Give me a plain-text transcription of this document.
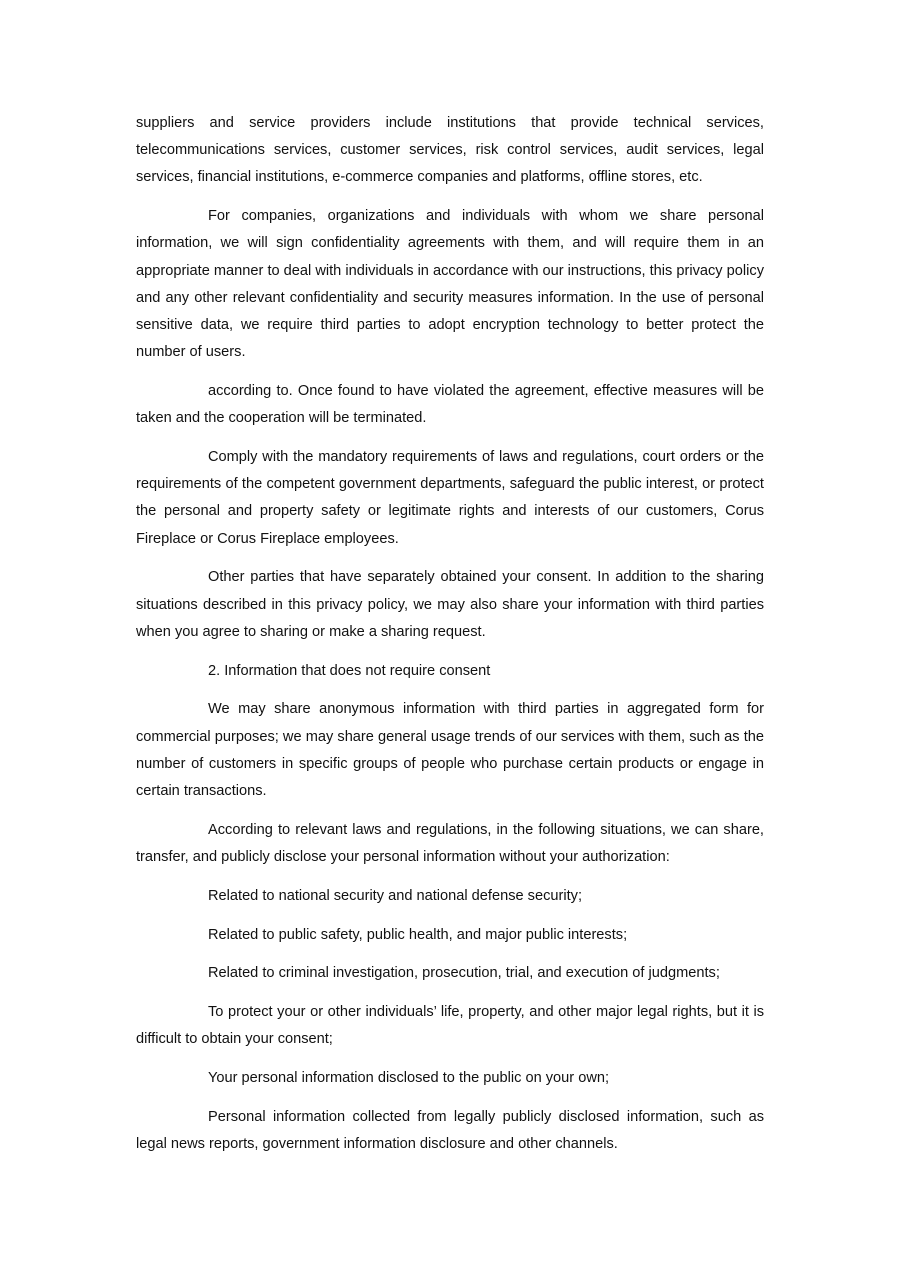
suppliers and service providers include institutions that provide technical services, telecommunications services, customer services, risk control services, audit services, legal services, financial institutions, e-commerce companies and platforms, offline stores, etc.

For companies, organizations and individuals with whom we share personal information, we will sign confidentiality agreements with them, and will require them in an appropriate manner to deal with individuals in accordance with our instructions, this privacy policy and any other relevant confidentiality and security measures information. In the use of personal sensitive data, we require third parties to adopt encryption technology to better protect the number of users.

according to. Once found to have violated the agreement, effective measures will be taken and the cooperation will be terminated.

Comply with the mandatory requirements of laws and regulations, court orders or the requirements of the competent government departments, safeguard the public interest, or protect the personal and property safety or legitimate rights and interests of our customers, Corus Fireplace or Corus Fireplace employees.

Other parties that have separately obtained your consent. In addition to the sharing situations described in this privacy policy, we may also share your information with third parties when you agree to sharing or make a sharing request.

2. Information that does not require consent

We may share anonymous information with third parties in aggregated form for commercial purposes; we may share general usage trends of our services with them, such as the number of customers in specific groups of people who purchase certain products or engage in certain transactions.

According to relevant laws and regulations, in the following situations, we can share, transfer, and publicly disclose your personal information without your authorization:

Related to national security and national defense security;

Related to public safety, public health, and major public interests;

Related to criminal investigation, prosecution, trial, and execution of judgments;

To protect your or other individuals’ life, property, and other major legal rights, but it is difficult to obtain your consent;

Your personal information disclosed to the public on your own;

Personal information collected from legally publicly disclosed information, such as legal news reports, government information disclosure and other channels.
